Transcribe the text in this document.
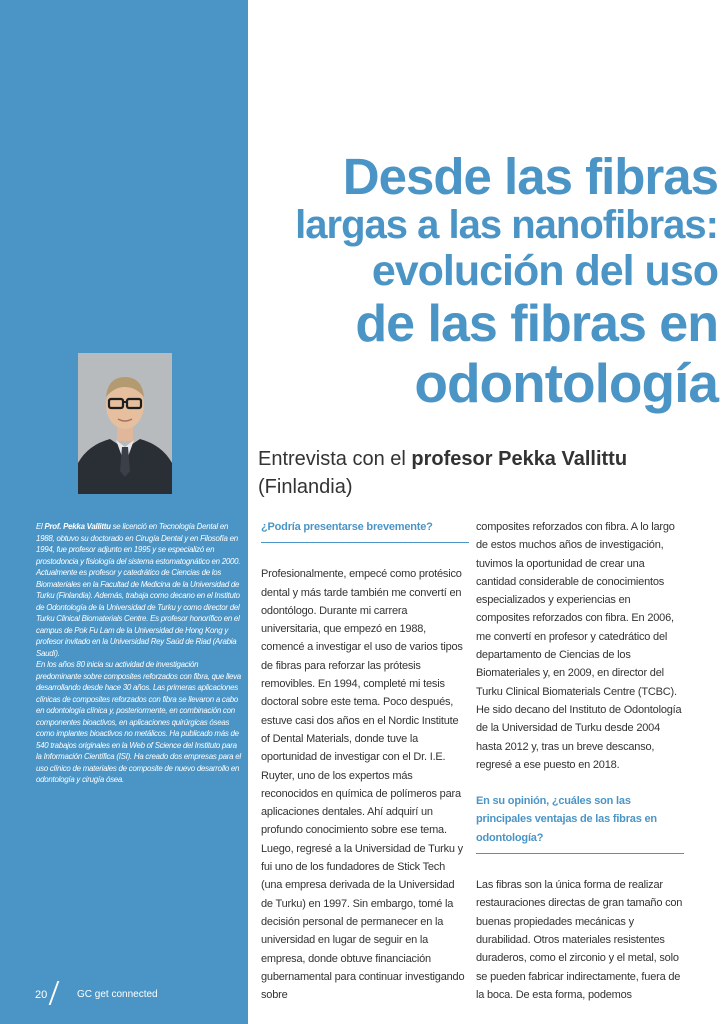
El Prof. Pekka Vallittu se licenció en Tecnología Dental en 1988, obtuvo su doctorado en Cirugía Dental y en Filosofía en 1994, fue profesor adjunto en 1995 y se especializó en prostodoncia y fisiología del sistema estomatognático en 2000. Actualmente es profesor y catedrático de Ciencias de los Biomateriales en la Facultad de Medicina de la Universidad de Turku (Finlandia). Además, trabaja como decano en el Instituto de Odontología de la Universidad de Turku y como director del Turku Clinical Biomaterials Centre. Es profesor honorífico en el campus de Pok Fu Lam de la Universidad de Hong Kong y profesor invitado en la Universidad Rey Saúd de Riad (Arabia Saudí).

En los años 80 inicia su actividad de investigación predominante sobre composites reforzados con fibra, que lleva desarrollando desde hace 30 años. Las primeras aplicaciones clínicas de composites reforzados con fibra se llevaron a cabo en odontología clínica y, posteriormente, en combinación con componentes bioactivos, en aplicaciones quirúrgicas óseas como implantes bioactivos no metálicos. Ha publicado más de 540 trabajos originales en la Web of Science del Instituto para la Información Científica (ISI). Ha creado dos empresas para el uso clínico de materiales de composite de nuevo desarrollo en odontología y cirugía ósea.

20	GC get connected
Desde las fibras
largas a las nanofibras:
evolución del uso
de las fibras en
odontología
Entrevista con el profesor Pekka Vallittu
(Finlandia)
¿Podría presentarse brevemente?

Profesionalmente, empecé como protésico dental y más tarde también me convertí en odontólogo. Durante mi carrera universitaria, que empezó en 1988, comencé a investigar el uso de varios tipos de fibras para reforzar las prótesis removibles. En 1994, completé mi tesis doctoral sobre este tema. Poco después, estuve casi dos años en el Nordic Institute of Dental Materials, donde tuve la oportunidad de investigar con el Dr. I.E. Ruyter, uno de los expertos más reconocidos en química de polímeros para aplicaciones dentales. Ahí adquirí un profundo conocimiento sobre ese tema. Luego, regresé a la Universidad de Turku y fui uno de los fundadores de Stick Tech (una empresa derivada de la Universidad de Turku) en 1997. Sin embargo, tomé la decisión personal de permanecer en la universidad en lugar de seguir en la empresa, donde obtuve financiación gubernamental para continuar investigando sobre

composites reforzados con fibra. A lo largo de estos muchos años de investigación, tuvimos la oportunidad de crear una cantidad considerable de conocimientos especializados y experiencias en composites reforzados con fibra. En 2006, me convertí en profesor y catedrático del departamento de Ciencias de los Biomateriales y, en 2009, en director del Turku Clinical Biomaterials Centre (TCBC). He sido decano del Instituto de Odontología de la Universidad de Turku desde 2004 hasta 2012 y, tras un breve descanso, regresé a ese puesto en 2018.

En su opinión, ¿cuáles son las principales ventajas de las fibras en odontología?

Las fibras son la única forma de realizar restauraciones directas de gran tamaño con buenas propiedades mecánicas y durabilidad. Otros materiales resistentes duraderos, como el zirconio y el metal, solo se pueden fabricar indirectamente, fuera de la boca. De esta forma, podemos
